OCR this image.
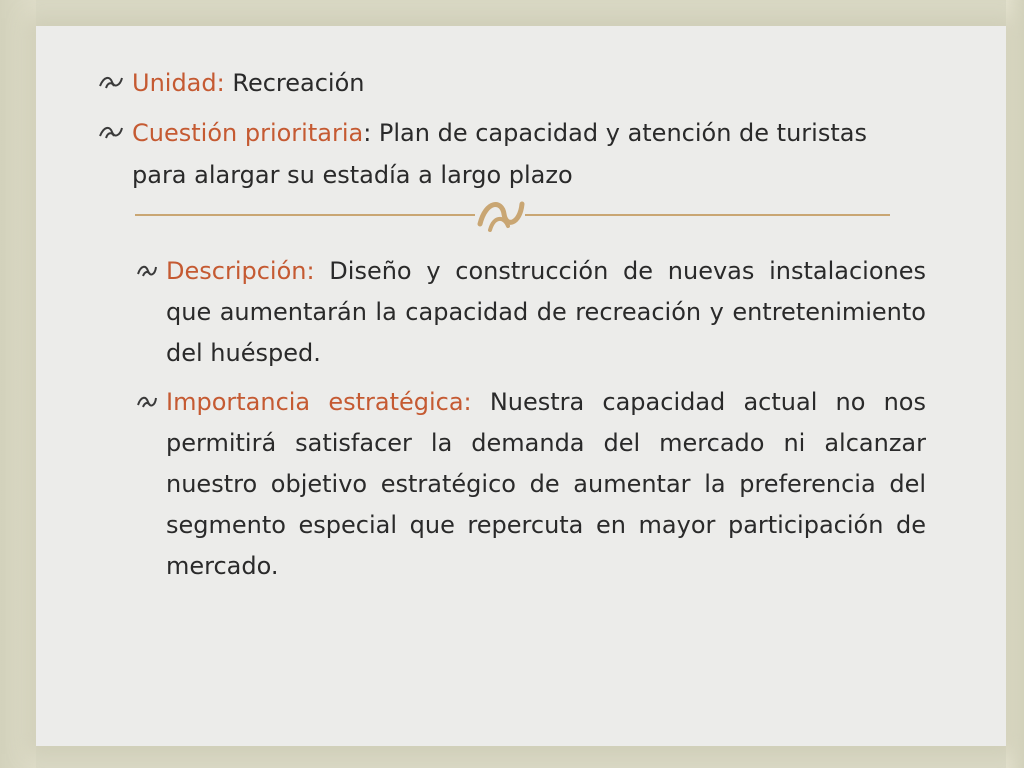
Unidad: Recreación
Cuestión prioritaria: Plan de capacidad y atención de turistas para alargar su estadía a largo plazo
Descripción: Diseño y construcción de nuevas instalaciones que aumentarán la capacidad de recreación y entretenimiento del huésped.
Importancia estratégica: Nuestra capacidad actual no nos permitirá satisfacer la demanda del mercado ni alcanzar nuestro objetivo estratégico de aumentar la preferencia del segmento especial que repercuta en mayor participación de mercado.
